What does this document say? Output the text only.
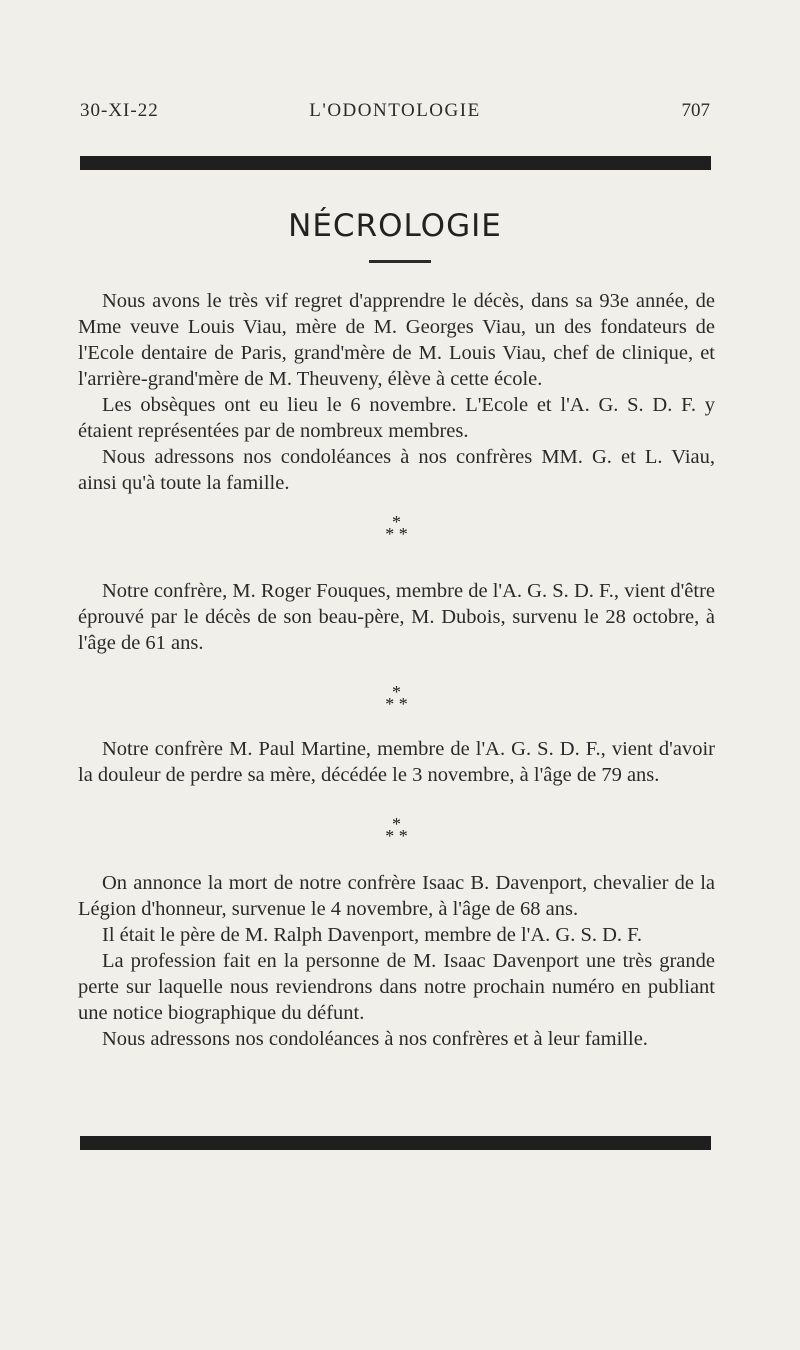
30-XI-22	L'ODONTOLOGIE	707
NÉCROLOGIE

Nous avons le très vif regret d'apprendre le décès, dans sa 93e année, de Mme veuve Louis Viau, mère de M. Georges Viau, un des fondateurs de l'Ecole dentaire de Paris, grand'mère de M. Louis Viau, chef de clinique, et l'arrière-grand'mère de M. Theuveny, élève à cette école.

Les obsèques ont eu lieu le 6 novembre. L'Ecole et l'A. G. S. D. F. y étaient représentées par de nombreux membres.

Nous adressons nos condoléances à nos confrères MM. G. et L. Viau, ainsi qu'à toute la famille.

*
* *

Notre confrère, M. Roger Fouques, membre de l'A. G. S. D. F., vient d'être éprouvé par le décès de son beau-père, M. Dubois, survenu le 28 octobre, à l'âge de 61 ans.

*
* *

Notre confrère M. Paul Martine, membre de l'A. G. S. D. F., vient d'avoir la douleur de perdre sa mère, décédée le 3 novembre, à l'âge de 79 ans.

*
* *

On annonce la mort de notre confrère Isaac B. Davenport, chevalier de la Légion d'honneur, survenue le 4 novembre, à l'âge de 68 ans.

Il était le père de M. Ralph Davenport, membre de l'A. G. S. D. F.

La profession fait en la personne de M. Isaac Davenport une très grande perte sur laquelle nous reviendrons dans notre prochain numéro en publiant une notice biographique du défunt.

Nous adressons nos condoléances à nos confrères et à leur famille.
